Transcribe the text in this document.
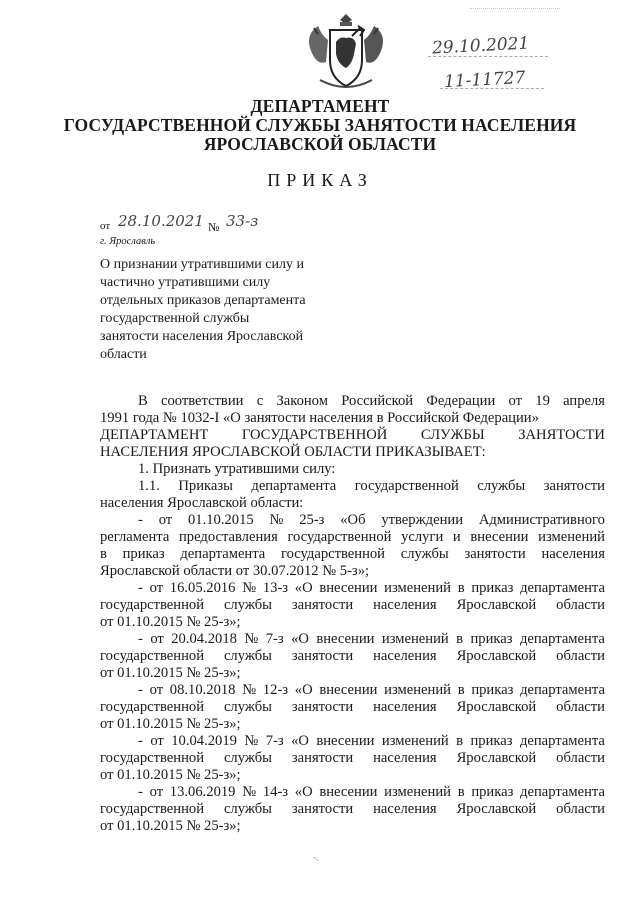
29.10.2021
11-11727
ДЕПАРТАМЕНТ
ГОСУДАРСТВЕННОЙ СЛУЖБЫ ЗАНЯТОСТИ НАСЕЛЕНИЯ
ЯРОСЛАВСКОЙ ОБЛАСТИ
ПРИКАЗ
от 28.10.2021 № 33-з
г. Ярославль
О признании утратившими силу и
частично утратившими силу
отдельных приказов департамента
государственной службы
занятости населения Ярославской
области
В соответствии с Законом Российской Федерации от 19 апреля
1991 года № 1032-I «О занятости населения в Российской Федерации»
ДЕПАРТАМЕНТ ГОСУДАРСТВЕННОЙ СЛУЖБЫ ЗАНЯТОСТИ
НАСЕЛЕНИЯ ЯРОСЛАВСКОЙ ОБЛАСТИ ПРИКАЗЫВАЕТ:
1. Признать утратившими силу:
1.1. Приказы департамента государственной службы занятости
населения Ярославской области:
- от 01.10.2015 № 25-з «Об утверждении Административного
регламента предоставления государственной услуги и внесении изменений
в приказ департамента государственной службы занятости населения
Ярославской области от 30.07.2012 № 5-з»;
- от 16.05.2016 № 13-з «О внесении изменений в приказ департамента
государственной службы занятости населения Ярославской области
от 01.10.2015 № 25-з»;
- от 20.04.2018 № 7-з «О внесении изменений в приказ департамента
государственной службы занятости населения Ярославской области
от 01.10.2015 № 25-з»;
- от 08.10.2018 № 12-з «О внесении изменений в приказ департамента
государственной службы занятости населения Ярославской области
от 01.10.2015 № 25-з»;
- от 10.04.2019 № 7-з «О внесении изменений в приказ департамента
государственной службы занятости населения Ярославской области
от 01.10.2015 № 25-з»;
- от 13.06.2019 № 14-з «О внесении изменений в приказ департамента
государственной службы занятости населения Ярославской области
от 01.10.2015 № 25-з»;
